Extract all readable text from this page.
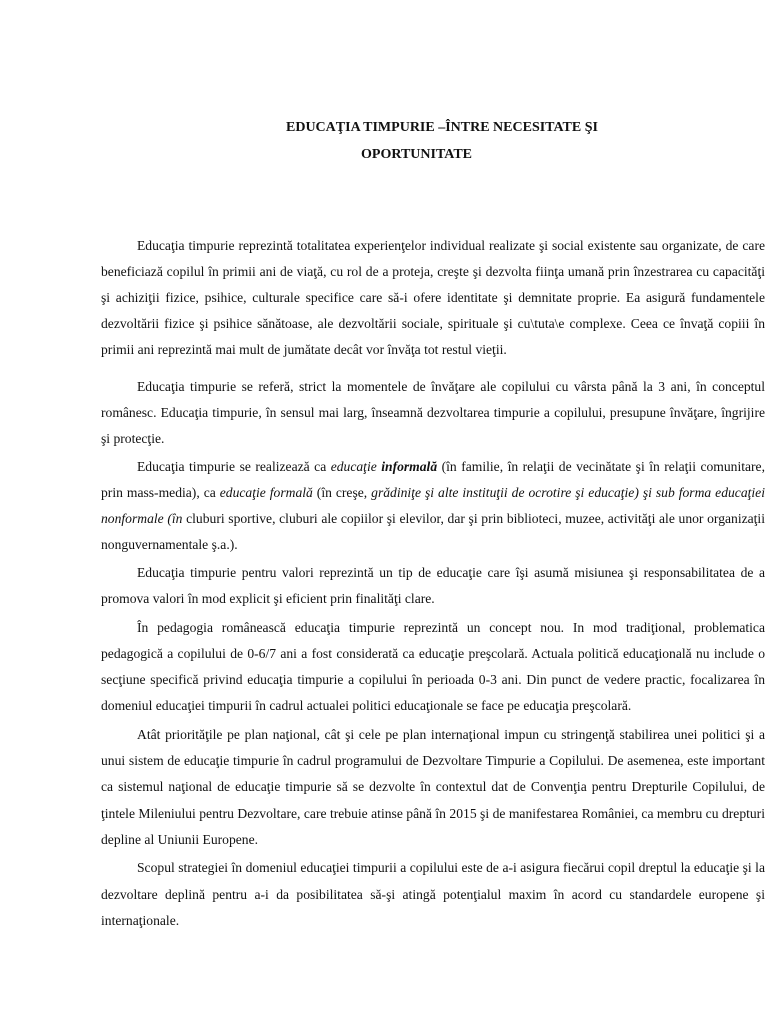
EDUCAŢIA TIMPURIE –ÎNTRE NECESITATE ŞI

OPORTUNITATE

Educaţia timpurie reprezintă totalitatea experienţelor individual realizate şi social existente sau organizate, de care beneficiază copilul în primii ani de viaţă, cu rol de a proteja, creşte şi dezvolta fiinţa umană prin înzestrarea cu capacităţi şi achiziţii fizice, psihice, culturale specifice care să-i ofere identitate şi demnitate proprie. Ea asigură fundamentele dezvoltării fizice şi psihice sănătoase, ale dezvoltării sociale, spirituale şi cu\tuta\e complexe. Ceea ce învaţă copiii în primii ani reprezintă mai mult de jumătate decât vor învăţa tot restul vieţii.

Educaţia timpurie se referă, strict la momentele de învăţare ale copilului cu vârsta până la 3 ani, în conceptul românesc. Educaţia timpurie, în sensul mai larg, înseamnă dezvoltarea timpurie a copilului, presupune învăţare, îngrijire şi protecţie.

Educaţia timpurie se realizează ca educaţie informală (în familie, în relaţii de vecinătate şi în relaţii comunitare, prin mass-media), ca educaţie formală (în creşe, grădiniţe şi alte instituţii de ocrotire şi educaţie) şi sub forma educaţiei nonformale (în cluburi sportive, cluburi ale copiilor şi elevilor, dar şi prin biblioteci, muzee, activităţi ale unor organizaţii nonguvernamentale ş.a.).

Educaţia timpurie pentru valori reprezintă un tip de educaţie care îşi asumă misiunea şi responsabilitatea de a promova valori în mod explicit şi eficient prin finalităţi clare.

În pedagogia românească educaţia timpurie reprezintă un concept nou. In mod tradiţional, problematica pedagogică a copilului de 0-6/7 ani a fost considerată ca educaţie preşcolară. Actuala politică educaţională nu include o secţiune specifică privind educaţia timpurie a copilului în perioada 0-3 ani. Din punct de vedere practic, focalizarea în domeniul educaţiei timpurii în cadrul actualei politici educaţionale se face pe educaţia preşcolară.

Atât priorităţile pe plan naţional, cât şi cele pe plan internaţional impun cu stringenţă stabilirea unei politici şi a unui sistem de educaţie timpurie în cadrul programului de Dezvoltare Timpurie a Copilului. De asemenea, este important ca sistemul naţional de educaţie timpurie să se dezvolte în contextul dat de Convenţia pentru Drepturile Copilului, de ţintele Mileniului pentru Dezvoltare, care trebuie atinse până în 2015 şi de manifestarea României, ca membru cu drepturi depline al Uniunii Europene.

Scopul strategiei în domeniul educaţiei timpurii a copilului este de a-i asigura fiecărui copil dreptul la educaţie şi la dezvoltare deplină pentru a-i da posibilitatea să-şi atingă potenţialul maxim în acord cu standardele europene şi internaţionale.
